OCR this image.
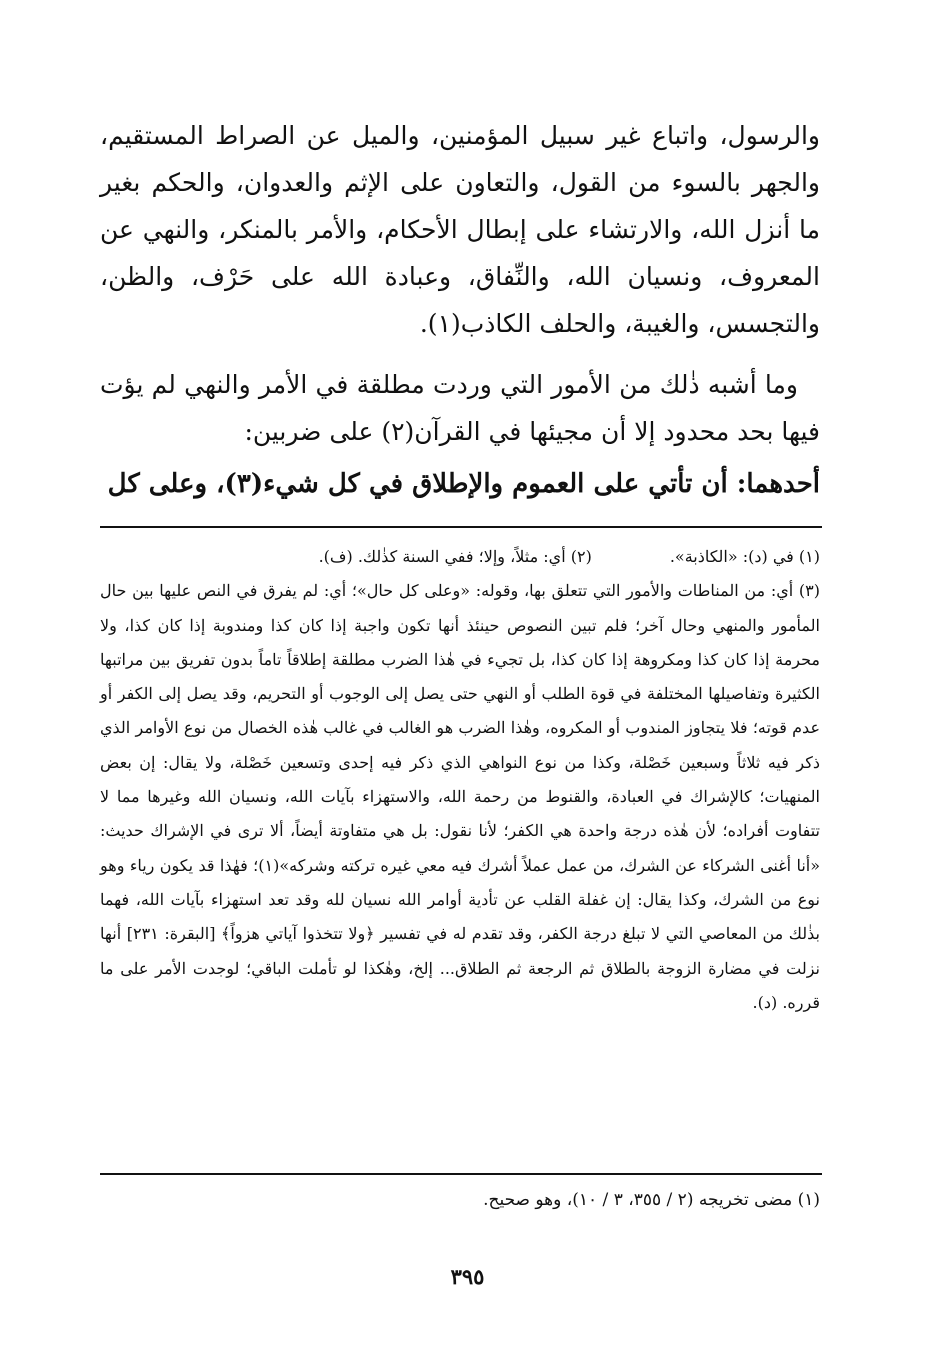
والرسول، واتباع غير سبيل المؤمنين، والميل عن الصراط المستقيم، والجهر بالسوء من القول، والتعاون على الإثم والعدوان، والحكم بغير ما أنزل الله، والارتشاء على إبطال الأحكام، والأمر بالمنكر، والنهي عن المعروف، ونسيان الله، والنِّفاق، وعبادة الله على حَرْف، والظن، والتجسس، والغيبة، والحلف الكاذب(١).

وما أشبه ذٰلك من الأمور التي وردت مطلقة في الأمر والنهي لم يؤت فيها بحد محدود إلا أن مجيئها في القرآن(٢) على ضربين:

أحدهما: أن تأتي على العموم والإطلاق في كل شيء(٣)، وعلى كل

(١) في (د): «الكاذبة».
(٢) أي: مثلاً، وإلا؛ ففي السنة كذٰلك. (ف).

(٣) أي: من المناطات والأمور التي تتعلق بها، وقوله: «وعلى كل حال»؛ أي: لم يفرق في النص عليها بين حال المأمور والمنهي وحال آخر؛ فلم تبين النصوص حينئذ أنها تكون واجبة إذا كان كذا ومندوبة إذا كان كذا، ولا محرمة إذا كان كذا ومكروهة إذا كان كذا، بل تجيء في هٰذا الضرب مطلقة إطلاقاً تاماً بدون تفريق بين مراتبها الكثيرة وتفاصيلها المختلفة في قوة الطلب أو النهي حتى يصل إلى الوجوب أو التحريم، وقد يصل إلى الكفر أو عدم قوته؛ فلا يتجاوز المندوب أو المكروه، وهٰذا الضرب هو الغالب في غالب هٰذه الخصال من نوع الأوامر الذي ذكر فيه ثلاثاً وسبعين خَصْلة، وكذا من نوع النواهي الذي ذكر فيه إحدى وتسعين خَصْلة، ولا يقال: إن بعض المنهيات؛ كالإشراك في العبادة، والقنوط من رحمة الله، والاستهزاء بآيات الله، ونسيان الله وغيرها مما لا تتفاوت أفراده؛ لأن هٰذه درجة واحدة هي الكفر؛ لأنا نقول: بل هي متفاوتة أيضاً، ألا ترى في الإشراك حديث: «أنا أغنى الشركاء عن الشرك، من عمل عملاً أشرك فيه معي غيره تركته وشركه»(١)؛ فهٰذا قد يكون رياء وهو نوع من الشرك، وكذا يقال: إن غفلة القلب عن تأدية أوامر الله نسيان لله وقد تعد استهزاء بآيات الله، فهما بذٰلك من المعاصي التي لا تبلغ درجة الكفر، وقد تقدم له في تفسير ﴿ولا تتخذوا آياتي هزواً﴾ [البقرة: ٢٣١] أنها نزلت في مضارة الزوجة بالطلاق ثم الرجعة ثم الطلاق... إلخ، وهٰكذا لو تأملت الباقي؛ لوجدت الأمر على ما قرره. (د).

(١) مضى تخريجه (٢ / ٣٥٥، ٣ / ١٠)، وهو صحيح.

٣٩٥
